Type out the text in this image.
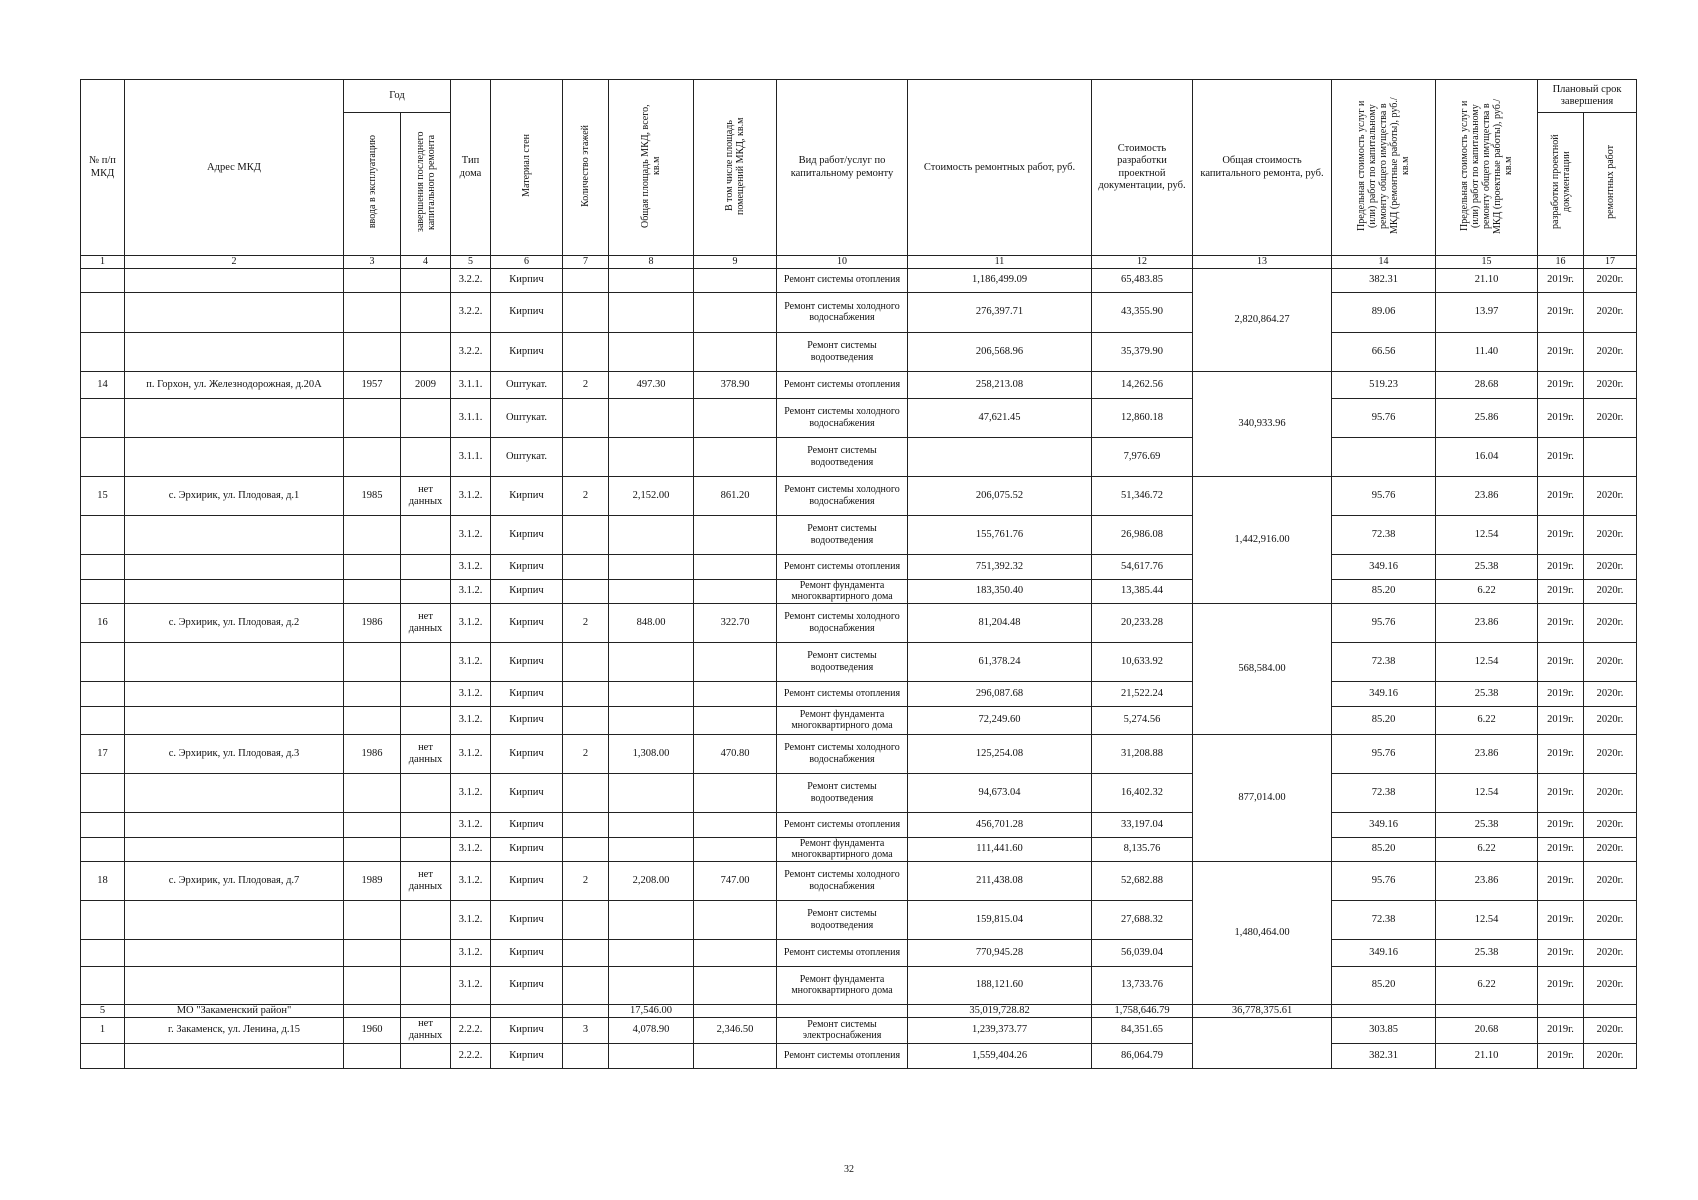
№ п/п МКД	Адрес МКД	Год		Тип дома	Материал стен	Количество этажей	Общая площадь МКД, всего, кв.м	В том числе площадь помещений МКД, кв.м	Вид работ/услуг по капитальному ремонту	Стоимость ремонтных работ, руб.	Стоимость разработки проектной документации, руб.	Общая стоимость капитального ремонта, руб.	Предельная стоимость услуг и (или) работ по капитальному ремонту общего имущества в МКД (ремонтные работы), руб./кв.м	Предельная стоимость услуг и (или) работ по капитальному ремонту общего имущества в МКД (проектные работы), руб./кв.м	Плановый срок завершения	
		ввода в эксплуатацию	завершения последнего капитального ремонта												разработки проектной документации	ремонтных работ
1	2	3	4	5	6	7	8	9	10	11	12	13	14	15	16	17
				3.2.2.	Кирпич				Ремонт системы отопления	1,186,499.09	65,483.85	2,820,864.27	382.31	21.10	2019г.	2020г.
				3.2.2.	Кирпич				Ремонт системы холодного водоснабжения	276,397.71	43,355.90		89.06	13.97	2019г.	2020г.
				3.2.2.	Кирпич				Ремонт системы водоотведения	206,568.96	35,379.90		66.56	11.40	2019г.	2020г.
14	п. Горхон, ул. Железнодорожная, д.20А	1957	2009	3.1.1.	Оштукат.	2	497.30	378.90	Ремонт системы отопления	258,213.08	14,262.56	340,933.96	519.23	28.68	2019г.	2020г.
				3.1.1.	Оштукат.				Ремонт системы холодного водоснабжения	47,621.45	12,860.18		95.76	25.86	2019г.	2020г.
				3.1.1.	Оштукат.				Ремонт системы водоотведения		7,976.69			16.04	2019г.	
15	с. Эрхирик, ул. Плодовая, д.1	1985	нет данных	3.1.2.	Кирпич	2	2,152.00	861.20	Ремонт системы холодного водоснабжения	206,075.52	51,346.72	1,442,916.00	95.76	23.86	2019г.	2020г.
				3.1.2.	Кирпич				Ремонт системы водоотведения	155,761.76	26,986.08		72.38	12.54	2019г.	2020г.
				3.1.2.	Кирпич				Ремонт системы отопления	751,392.32	54,617.76		349.16	25.38	2019г.	2020г.
				3.1.2.	Кирпич				Ремонт фундамента многоквартирного дома	183,350.40	13,385.44		85.20	6.22	2019г.	2020г.
16	с. Эрхирик, ул. Плодовая, д.2	1986	нет данных	3.1.2.	Кирпич	2	848.00	322.70	Ремонт системы холодного водоснабжения	81,204.48	20,233.28	568,584.00	95.76	23.86	2019г.	2020г.
				3.1.2.	Кирпич				Ремонт системы водоотведения	61,378.24	10,633.92		72.38	12.54	2019г.	2020г.
				3.1.2.	Кирпич				Ремонт системы отопления	296,087.68	21,522.24		349.16	25.38	2019г.	2020г.
				3.1.2.	Кирпич				Ремонт фундамента многоквартирного дома	72,249.60	5,274.56		85.20	6.22	2019г.	2020г.
17	с. Эрхирик, ул. Плодовая, д.3	1986	нет данных	3.1.2.	Кирпич	2	1,308.00	470.80	Ремонт системы холодного водоснабжения	125,254.08	31,208.88	877,014.00	95.76	23.86	2019г.	2020г.
				3.1.2.	Кирпич				Ремонт системы водоотведения	94,673.04	16,402.32		72.38	12.54	2019г.	2020г.
				3.1.2.	Кирпич				Ремонт системы отопления	456,701.28	33,197.04		349.16	25.38	2019г.	2020г.
				3.1.2.	Кирпич				Ремонт фундамента многоквартирного дома	111,441.60	8,135.76		85.20	6.22	2019г.	2020г.
18	с. Эрхирик, ул. Плодовая, д.7	1989	нет данных	3.1.2.	Кирпич	2	2,208.00	747.00	Ремонт системы холодного водоснабжения	211,438.08	52,682.88	1,480,464.00	95.76	23.86	2019г.	2020г.
				3.1.2.	Кирпич				Ремонт системы водоотведения	159,815.04	27,688.32		72.38	12.54	2019г.	2020г.
				3.1.2.	Кирпич				Ремонт системы отопления	770,945.28	56,039.04		349.16	25.38	2019г.	2020г.
				3.1.2.	Кирпич				Ремонт фундамента многоквартирного дома	188,121.60	13,733.76		85.20	6.22	2019г.	2020г.
5	МО "Закаменский район"						17,546.00			35,019,728.82	1,758,646.79	36,778,375.61				
1	г. Закаменск, ул. Ленина, д.15	1960	нет данных	2.2.2.	Кирпич	3	4,078.90	2,346.50	Ремонт системы электроснабжения	1,239,373.77	84,351.65		303.85	20.68	2019г.	2020г.
				2.2.2.	Кирпич				Ремонт системы отопления	1,559,404.26	86,064.79		382.31	21.10	2019г.	2020г.
32
